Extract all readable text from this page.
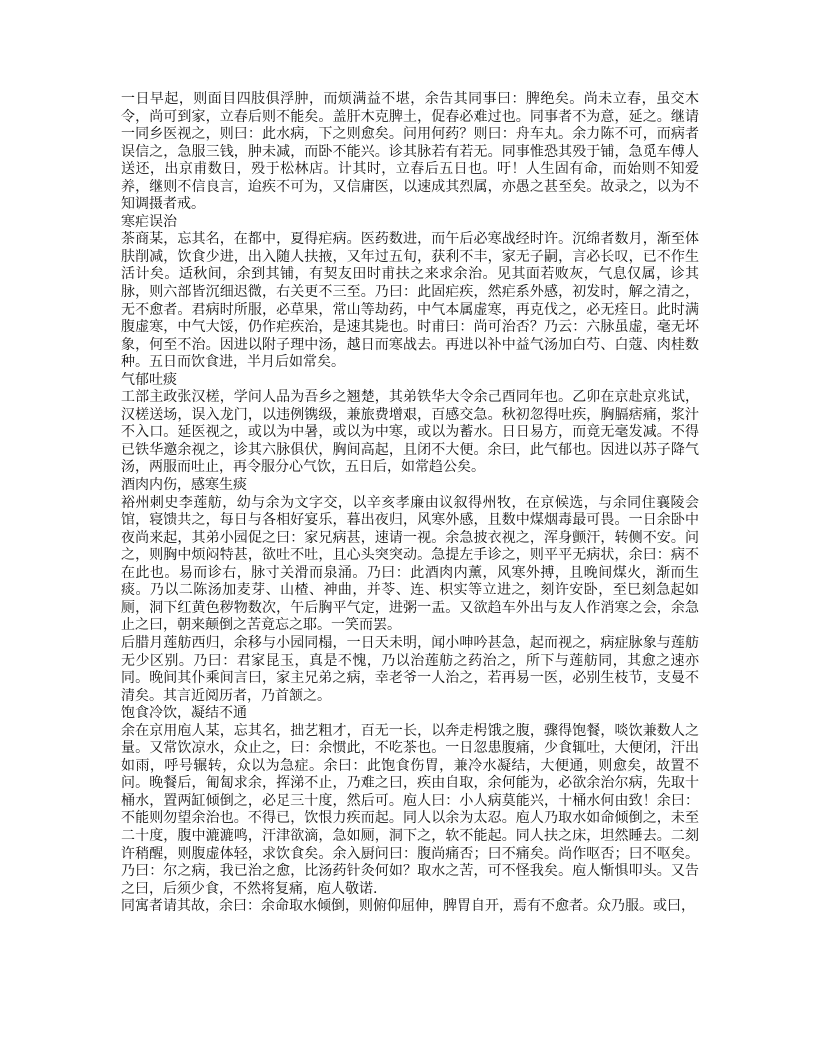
一日早起，则面目四肢俱浮肿，而烦满益不堪，余告其同事曰：脾绝矣。尚未立春，虽交木令，尚可到家，立春后则不能矣。盖肝木克脾土，促春必难过也。同事者不为意，延之。继请一同乡医视之，则曰：此水病，下之则愈矣。问用何药？则曰：舟车丸。余力陈不可，而病者误信之，急服三钱，肿未减，而卧不能兴。诊其脉若有若无。同事惟恐其殁于铺，急觅车傅人送还，出京甫数日，殁于松林店。计其时，立春后五日也。吁！人生固有命，而始则不知爱养，继则不信良言，迨疾不可为，又信庸医，以速成其烈属，亦愚之甚至矣。故录之，以为不知调摄者戒。

寒疟误治

茶商某，忘其名，在都中，夏得疟病。医药数进，而午后必寒战经时许。沉绵者数月，渐至体肤削减，饮食少进，出入随人扶掖，又年过五旬，获利不丰，家无子嗣，言必长叹，已不作生活计矣。适秋间，余到其铺，有契友田时甫扶之来求余治。见其面若败灰，气息仅属，诊其脉，则六部皆沉细迟微，右关更不三至。乃曰：此固疟疾，然疟系外感，初发时，解之清之，无不愈者。君病时所服，必草果，常山等劫药，中气本属虚寒，再克伐之，必无痊日。此时满腹虚寒，中气大馁，仍作疟疾治，是速其毙也。时甫曰：尚可治否？乃云：六脉虽虚，毫无坏象，何至不治。因进以附子理中汤，越日而寒战去。再进以补中益气汤加白芍、白蔻、肉桂数种。五日而饮食进，半月后如常矣。

气郁吐痰

工部主政张汉槎，学问人品为吾乡之翘楚，其弟铁华大令余己酉同年也。乙卯在京赴京兆试，汉槎送场，误入龙门，以违例镌级，兼旅费增艰，百感交急。秋初忽得吐疾，胸膈痞痛，浆汁不入口。延医视之，或以为中暑，或以为中寒，或以为蓄水。日日易方，而竟无毫发减。不得已铁华邀余视之，诊其六脉俱伏，胸间高起，且闭不大便。余曰，此气郁也。因进以苏子降气汤，两服而吐止，再令服分心气饮，五日后，如常趋公矣。

酒肉内伤，感寒生痰

裕州刺史李莲舫，幼与余为文字交，以辛亥孝廉由议叙得州牧，在京候选，与余同住襄陵会馆，寝馈共之，每日与各相好宴乐，暮出夜归，风寒外感，且数中煤烟毒最可畏。一日余卧中夜尚来起，其弟小园促之曰：家兄病甚，速请一视。余急披衣视之，浑身颤汗，转侧不安。问之，则胸中烦闷特甚，欲吐不吐，且心头突突动。急提左手诊之，则平平无病状，余曰：病不在此也。易而诊右，脉寸关滑而泉涌。乃曰：此酒肉内薰，风寒外搏，且晚间煤火，渐而生痰。乃以二陈汤加麦芽、山楂、神曲，并苓、连、枳实等立进之，刻许安卧，至巳刻急起如厕，洞下红黄色秽物数次，午后胸平气定，进粥一盂。又欲趋车外出与友人作消寒之会，余急止之曰，朝来颠倒之苦竟忘之耶。一笑而罢。

后腊月莲舫西归，余移与小园同榻，一日天未明，闻小呻吟甚急，起而视之，病症脉象与莲舫无少区别。乃曰：君家昆玉，真是不愧，乃以治莲舫之药治之，所下与莲舫同，其愈之速亦同。晚间其仆乘间言曰，家主兄弟之病，幸老爷一人治之，若再易一医，必别生枝节，支曼不清矣。其言近阅历者，乃首颔之。

饱食冷饮，凝结不通

余在京用庖人某，忘其名，拙艺粗才，百无一长，以奔走枵饿之腹，骤得饱餐，啖饮兼数人之量。又常饮凉水，众止之，曰：余惯此，不吃茶也。一日忽患腹痛，少食辄吐，大便闭，汗出如雨，呼号辗转，众以为急症。余曰：此饱食伤胃，兼冷水凝结，大便通，则愈矣，故置不问。晚餐后，匍匐求余，挥涕不止，乃难之曰，疾由自取，余何能为，必欲余治尔病，先取十桶水，置两缸倾倒之，必足三十度，然后可。庖人曰：小人病莫能兴，十桶水何由致！余曰：不能则勿望余治也。不得已，饮恨力疾而起。同人以余为太忍。庖人乃取水如命倾倒之，未至二十度，腹中漉漉鸣，汗津欲滴，急如厕，洞下之，软不能起。同人扶之床，坦然睡去。二刻许稍醒，则腹虚体轻，求饮食矣。余入厨问曰：腹尚痛否；曰不痛矣。尚作呕否；曰不呕矣。乃曰：尔之病，我已治之愈，比汤药针灸何如？取水之苦，可不怪我矣。庖人惭惧叩头。又告之曰，后须少食，不然将复痛，庖人敬诺.

同寓者请其故，余曰：余命取水倾倒，则俯仰屈伸，脾胃自开，焉有不愈者。众乃服。或曰，
